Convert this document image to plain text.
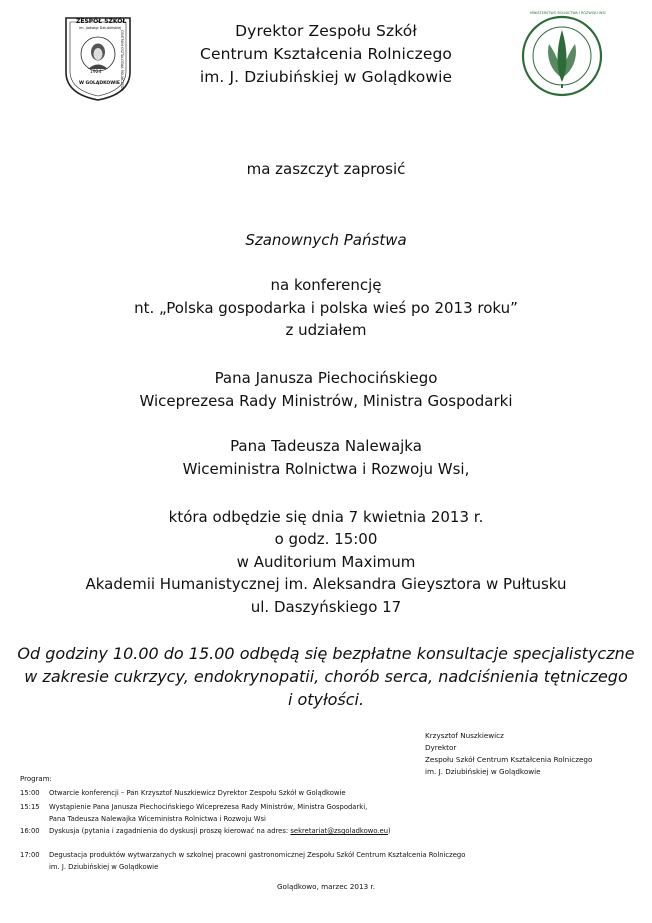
ZESPÓŁ SZKÓŁ
im. Jadwigi Dziubińskiej
CENTRUM KSZTAŁCENIA ROLNICZEGO
1924
W GOLĄDKOWIE
MINISTERSTWO ROLNICTWA I ROZWOJU WSI
Dyrektor Zespołu Szkół
Centrum Kształcenia Rolniczego
im. J. Dziubińskiej w Golądkowie
ma zaszczyt zaprosić
Szanownych Państwa
na konferencję
nt. „Polska gospodarka i polska wieś po 2013 roku”
z udziałem
Pana Janusza Piechocińskiego
Wiceprezesa Rady Ministrów, Ministra Gospodarki
Pana Tadeusza Nalewajka
Wiceministra Rolnictwa i Rozwoju Wsi,
która odbędzie się dnia 7 kwietnia 2013 r.
o godz. 15:00
w Auditorium Maximum
Akademii Humanistycznej im. Aleksandra Gieysztora w Pułtusku
ul. Daszyńskiego 17
Od godziny 10.00 do 15.00 odbędą się bezpłatne konsultacje specjalistyczne
w zakresie cukrzycy, endokrynopatii, chorób serca, nadciśnienia tętniczego
i otyłości.
Krzysztof Nuszkiewicz
Dyrektor
Zespołu Szkół Centrum Kształcenia Rolniczego
im. J. Dziubińskiej w Golądkowie
Program:
15:00 Otwarcie konferencji – Pan Krzysztof Nuszkiewicz Dyrektor Zespołu Szkół w Golądkowie
15:15 Wystąpienie Pana Janusza Piechocińskiego Wiceprezesa Rady Ministrów, Ministra Gospodarki,
Pana Tadeusza Nalewajka Wiceministra Rolnictwa i Rozwoju Wsi
16:00 Dyskusja (pytania i zagadnienia do dyskusji proszę kierować na adres: sekretariat@zsgoladkowo.eu)
17:00 Degustacja produktów wytwarzanych w szkolnej pracowni gastronomicznej Zespołu Szkół Centrum Kształcenia Rolniczego
im. J. Dziubińskiej w Golądkowie
Golądkowo, marzec 2013 r.
